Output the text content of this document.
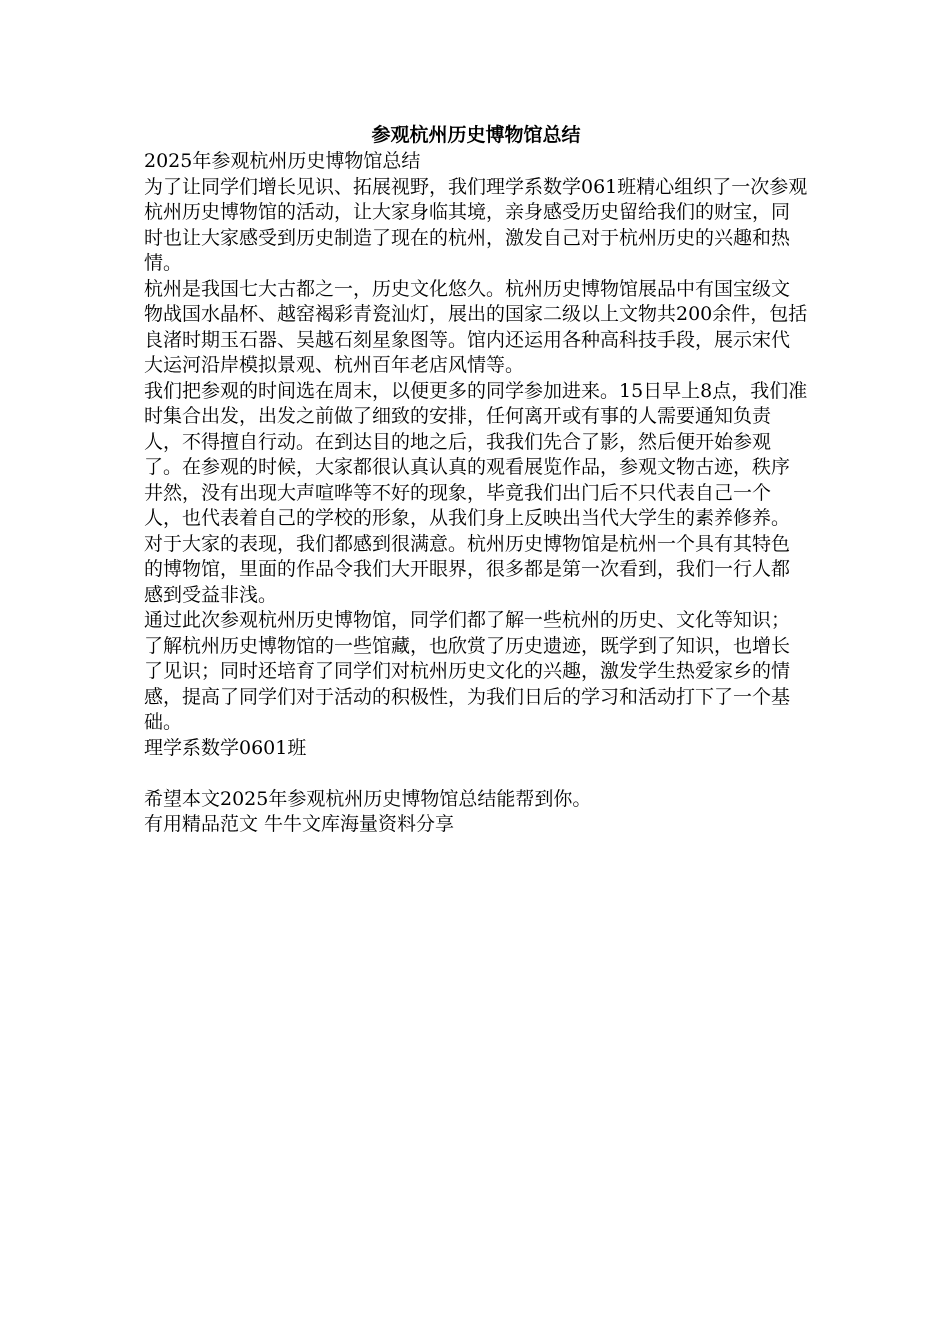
参观杭州历史博物馆总结

2025年参观杭州历史博物馆总结

为了让同学们增长见识、拓展视野，我们理学系数学061班精心组织了一次参观杭州历史博物馆的活动，让大家身临其境，亲身感受历史留给我们的财宝，同时也让大家感受到历史制造了现在的杭州，激发自己对于杭州历史的兴趣和热情。

杭州是我国七大古都之一，历史文化悠久。杭州历史博物馆展品中有国宝级文物战国水晶杯、越窑褐彩青瓷汕灯，展出的国家二级以上文物共200余件，包括良渚时期玉石器、吴越石刻星象图等。馆内还运用各种高科技手段，展示宋代大运河沿岸模拟景观、杭州百年老店风情等。

我们把参观的时间选在周末，以便更多的同学参加进来。15日早上8点，我们准时集合出发，出发之前做了细致的安排，任何离开或有事的人需要通知负责人，不得擅自行动。在到达目的地之后，我我们先合了影，然后便开始参观了。在参观的时候，大家都很认真认真的观看展览作品，参观文物古迹，秩序井然，没有出现大声喧哗等不好的现象，毕竟我们出门后不只代表自己一个人，也代表着自己的学校的形象，从我们身上反映出当代大学生的素养修养。对于大家的表现，我们都感到很满意。杭州历史博物馆是杭州一个具有其特色的博物馆，里面的作品令我们大开眼界，很多都是第一次看到，我们一行人都感到受益非浅。

通过此次参观杭州历史博物馆，同学们都了解一些杭州的历史、文化等知识；了解杭州历史博物馆的一些馆藏，也欣赏了历史遗迹，既学到了知识，也增长了见识；同时还培育了同学们对杭州历史文化的兴趣，激发学生热爱家乡的情感，提高了同学们对于活动的积极性，为我们日后的学习和活动打下了一个基础。

理学系数学0601班

希望本文2025年参观杭州历史博物馆总结能帮到你。

有用精品范文 牛牛文库海量资料分享
